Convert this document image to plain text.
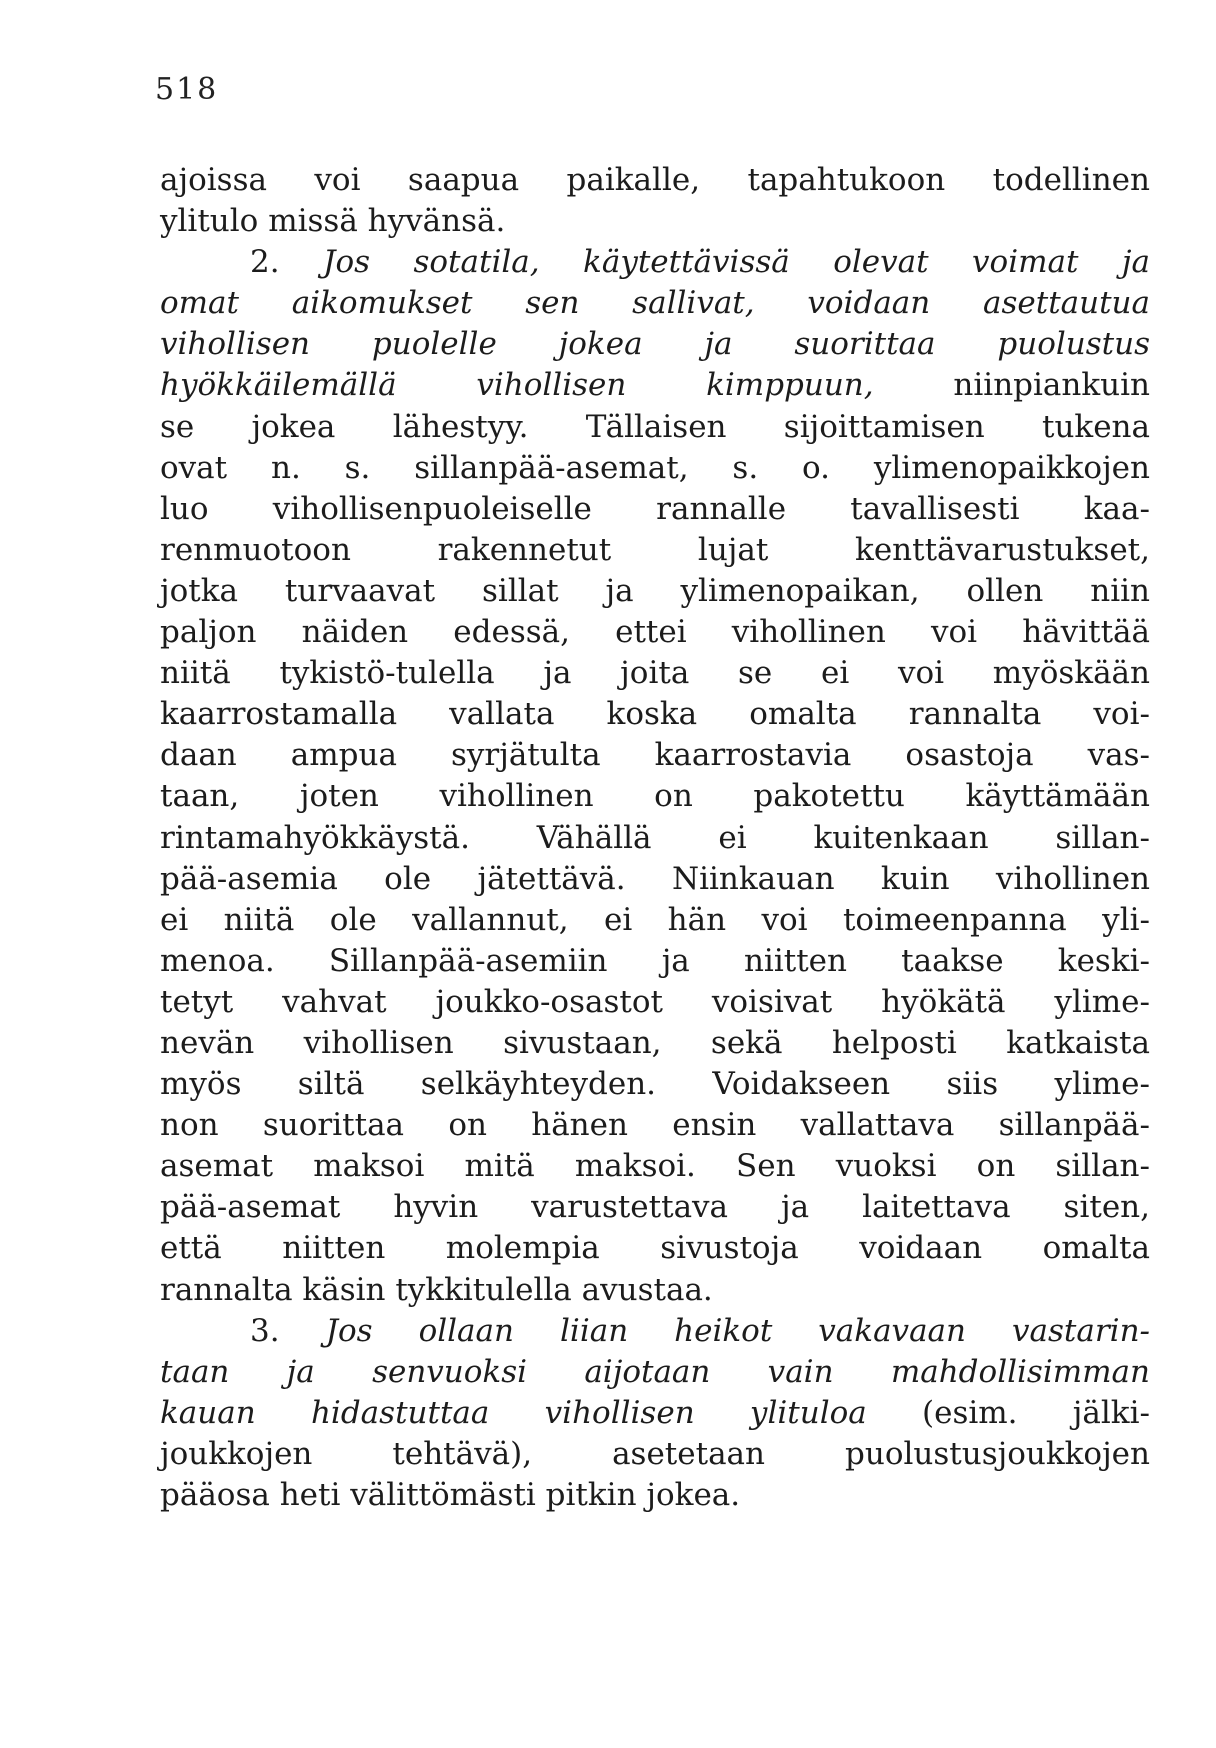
518
ajoissa voi saapua paikalle, tapahtukoon todellinen
ylitulo missä hyvänsä.
2. Jos sotatila, käytettävissä olevat voimat ja
omat aikomukset sen sallivat, voidaan asettautua
vihollisen puolelle jokea ja suorittaa puolustus
hyökkäilemällä vihollisen kimppuun, niinpiankuin
se jokea lähestyy. Tällaisen sijoittamisen tukena
ovat n. s. sillanpää-asemat, s. o. ylimenopaikkojen
luo vihollisenpuoleiselle rannalle tavallisesti kaa-
renmuotoon rakennetut lujat kenttävarustukset,
jotka turvaavat sillat ja ylimenopaikan, ollen niin
paljon näiden edessä, ettei vihollinen voi hävittää
niitä tykistö-tulella ja joita se ei voi myöskään
kaarrostamalla vallata koska omalta rannalta voi-
daan ampua syrjätulta kaarrostavia osastoja vas-
taan, joten vihollinen on pakotettu käyttämään
rintamahyökkäystä. Vähällä ei kuitenkaan sillan-
pää-asemia ole jätettävä. Niinkauan kuin vihollinen
ei niitä ole vallannut, ei hän voi toimeenpanna yli-
menoa. Sillanpää-asemiin ja niitten taakse keski-
tetyt vahvat joukko-osastot voisivat hyökätä ylime-
nevän vihollisen sivustaan, sekä helposti katkaista
myös siltä selkäyhteyden. Voidakseen siis ylime-
non suorittaa on hänen ensin vallattava sillanpää-
asemat maksoi mitä maksoi. Sen vuoksi on sillan-
pää-asemat hyvin varustettava ja laitettava siten,
että niitten molempia sivustoja voidaan omalta
rannalta käsin tykkitulella avustaa.
3. Jos ollaan liian heikot vakavaan vastarin-
taan ja senvuoksi aijotaan vain mahdollisimman
kauan hidastuttaa vihollisen ylituloa (esim. jälki-
joukkojen tehtävä), asetetaan puolustusjoukkojen
pääosa heti välittömästi pitkin jokea.
